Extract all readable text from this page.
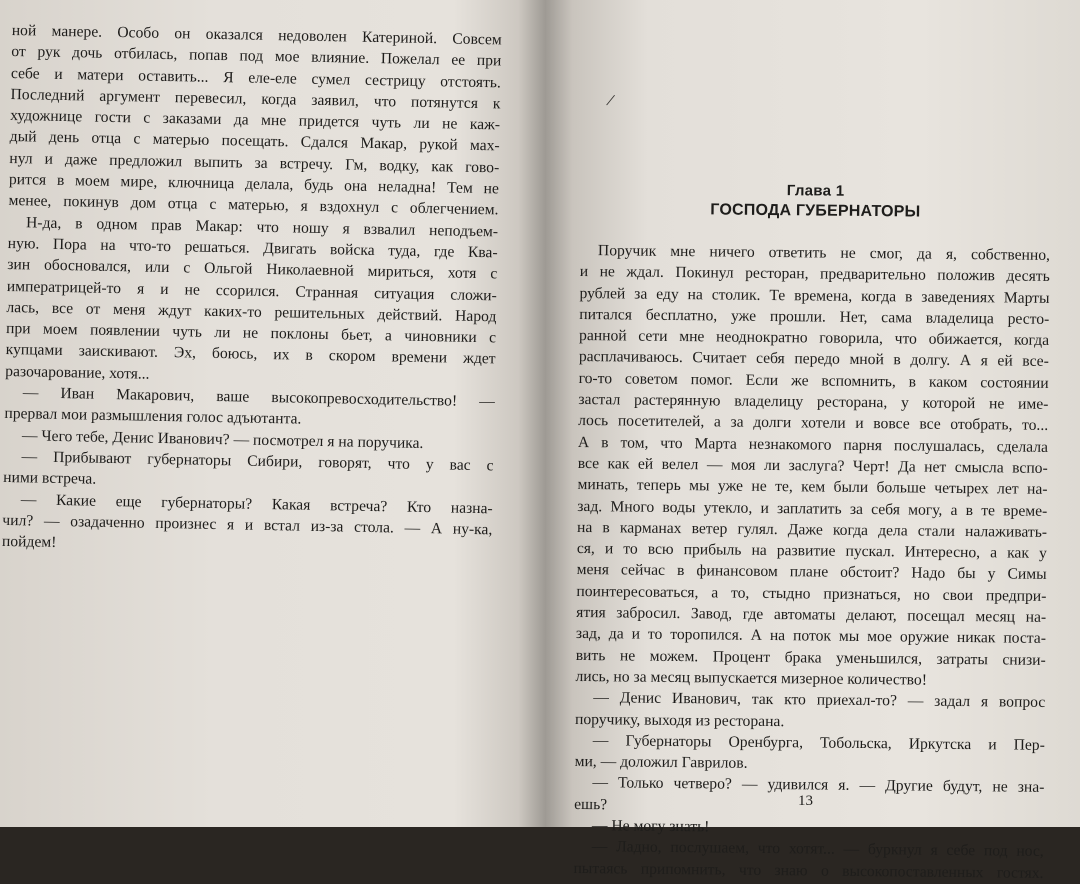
ной манере. Особо он оказался недоволен Катериной. Совсем
от рук дочь отбилась, попав под мое влияние. Пожелал ее при
себе и матери оставить... Я еле-еле сумел сестрицу отстоять.
Последний аргумент перевесил, когда заявил, что потянутся к
художнице гости с заказами да мне придется чуть ли не каж-
дый день отца с матерью посещать. Сдался Макар, рукой мах-
нул и даже предложил выпить за встречу. Гм, водку, как гово-
рится в моем мире, ключница делала, будь она неладна! Тем не
менее, покинув дом отца с матерью, я вздохнул с облегчением.
Н-да, в одном прав Макар: что ношу я взвалил неподъем-
ную. Пора на что-то решаться. Двигать войска туда, где Ква-
зин обосновался, или с Ольгой Николаевной мириться, хотя с
императрицей-то я и не ссорился. Странная ситуация сложи-
лась, все от меня ждут каких-то решительных действий. Народ
при моем появлении чуть ли не поклоны бьет, а чиновники с
купцами заискивают. Эх, боюсь, их в скором времени ждет
разочарование, хотя...
— Иван Макарович, ваше высокопревосходительство! —
прервал мои размышления голос адъютанта.
— Чего тебе, Денис Иванович? — посмотрел я на поручика.
— Прибывают губернаторы Сибири, говорят, что у вас с
ними встреча.
— Какие еще губернаторы? Какая встреча? Кто назна-
чил? — озадаченно произнес я и встал из-за стола. — А ну-ка,
пойдем!
/
Глава 1
ГОСПОДА ГУБЕРНАТОРЫ
Поручик мне ничего ответить не смог, да я, собственно,
и не ждал. Покинул ресторан, предварительно положив десять
рублей за еду на столик. Те времена, когда в заведениях Марты
питался бесплатно, уже прошли. Нет, сама владелица ресто-
ранной сети мне неоднократно говорила, что обижается, когда
расплачиваюсь. Считает себя передо мной в долгу. А я ей все-
го-то советом помог. Если же вспомнить, в каком состоянии
застал растерянную владелицу ресторана, у которой не име-
лось посетителей, а за долги хотели и вовсе все отобрать, то...
А в том, что Марта незнакомого парня послушалась, сделала
все как ей велел — моя ли заслуга? Черт! Да нет смысла вспо-
минать, теперь мы уже не те, кем были больше четырех лет на-
зад. Много воды утекло, и заплатить за себя могу, а в те време-
на в карманах ветер гулял. Даже когда дела стали налаживать-
ся, и то всю прибыль на развитие пускал. Интересно, а как у
меня сейчас в финансовом плане обстоит? Надо бы у Симы
поинтересоваться, а то, стыдно признаться, но свои предпри-
ятия забросил. Завод, где автоматы делают, посещал месяц на-
зад, да и то торопился. А на поток мы мое оружие никак поста-
вить не можем. Процент брака уменьшился, затраты снизи-
лись, но за месяц выпускается мизерное количество!
— Денис Иванович, так кто приехал-то? — задал я вопрос
поручику, выходя из ресторана.
— Губернаторы Оренбурга, Тобольска, Иркутска и Пер-
ми, — доложил Гаврилов.
— Только четверо? — удивился я. — Другие будут, не зна-
ешь?
— Не могу знать!
— Ладно, послушаем, что хотят... — буркнул я себе под нос,
пытаясь припомнить, что знаю о высокопоставленных гостях.
13
